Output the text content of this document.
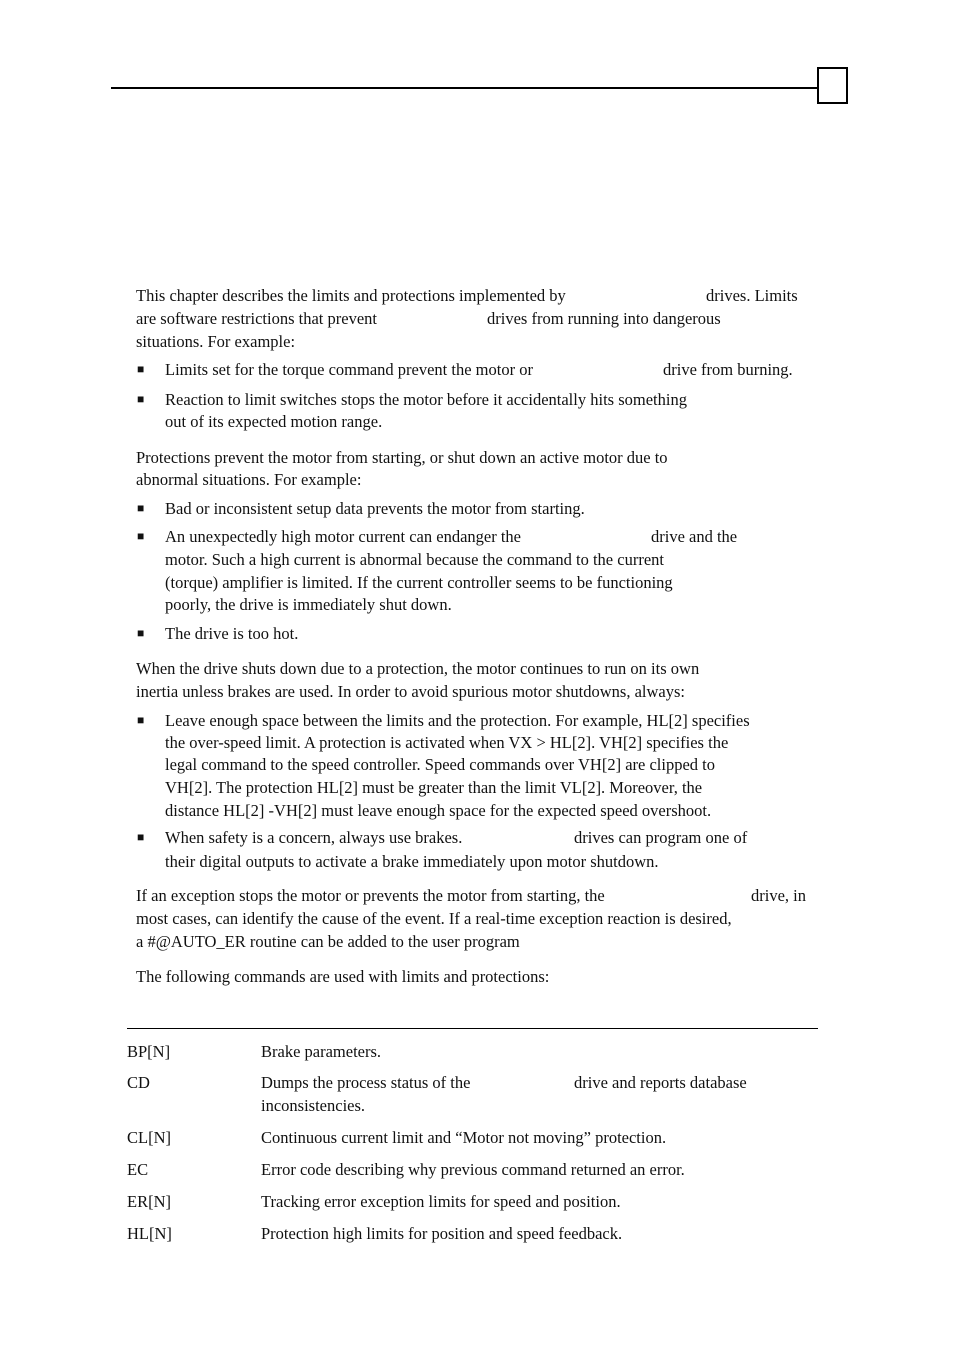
This chapter describes the limits and protections implemented by	drives. Limits
are software restrictions that prevent	drives from running into dangerous
situations. For example:
■ Limits set for the torque command prevent the motor or	drive from burning.
■ Reaction to limit switches stops the motor before it accidentally hits something
out of its expected motion range.
Protections prevent the motor from starting, or shut down an active motor due to
abnormal situations. For example:
■ Bad or inconsistent setup data prevents the motor from starting.
■ An unexpectedly high motor current can endanger the	drive and the
motor. Such a high current is abnormal because the command to the current
(torque) amplifier is limited. If the current controller seems to be functioning
poorly, the drive is immediately shut down.
■ The drive is too hot.
When the drive shuts down due to a protection, the motor continues to run on its own
inertia unless brakes are used. In order to avoid spurious motor shutdowns, always:
■ Leave enough space between the limits and the protection. For example, HL[2] specifies
the over-speed limit. A protection is activated when VX > HL[2]. VH[2] specifies the
legal command to the speed controller. Speed commands over VH[2] are clipped to
VH[2]. The protection HL[2] must be greater than the limit VL[2]. Moreover, the
distance HL[2] -VH[2] must leave enough space for the expected speed overshoot.
■ When safety is a concern, always use brakes.	drives can program one of
their digital outputs to activate a brake immediately upon motor shutdown.
If an exception stops the motor or prevents the motor from starting, the	drive, in
most cases, can identify the cause of the event. If a real-time exception reaction is desired,
a #@AUTO_ER routine can be added to the user program
The following commands are used with limits and protections:
BP[N]	Brake parameters.
CD	Dumps the process status of the	drive and reports database
inconsistencies.
CL[N]	Continuous current limit and “Motor not moving” protection.
EC	Error code describing why previous command returned an error.
ER[N]	Tracking error exception limits for speed and position.
HL[N]	Protection high limits for position and speed feedback.
